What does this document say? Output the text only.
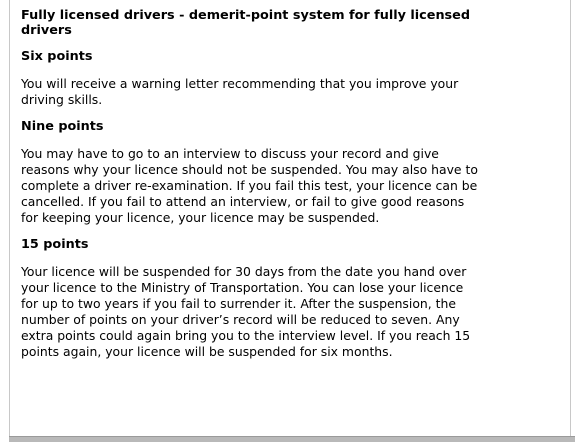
Fully licensed drivers - demerit-point system for fully licensed drivers
Six points

You will receive a warning letter recommending that you improve your driving skills.

Nine points

You may have to go to an interview to discuss your record and give reasons why your licence should not be suspended. You may also have to complete a driver re-examination. If you fail this test, your licence can be cancelled. If you fail to attend an interview, or fail to give good reasons for keeping your licence, your licence may be suspended.

15 points

Your licence will be suspended for 30 days from the date you hand over your licence to the Ministry of Transportation. You can lose your licence for up to two years if you fail to surrender it. After the suspension, the number of points on your driver’s record will be reduced to seven. Any extra points could again bring you to the interview level. If you reach 15 points again, your licence will be suspended for six months.
